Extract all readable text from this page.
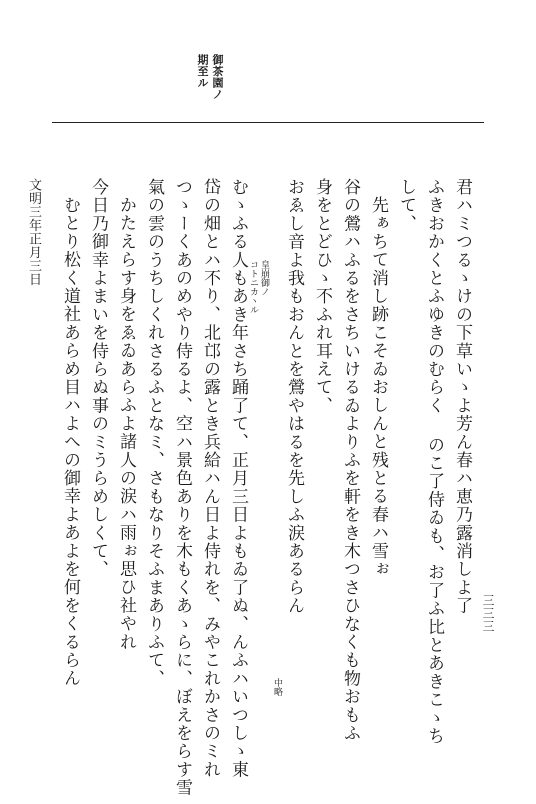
御茶園ノ
期至ル
君ハミつるゝけの下草いゝよ芳ん春ハ恵乃露消しよ了
ふきおかくとふゆきのむらく のこ了侍ゐも、お了ふ比とあきこゝち
して、
先ぁちて消し跡こそゐおしんと残とる春ハ雪ぉ
谷の鶯ハふるをさちいけるゐよりふを軒をき木つさひなくも物おもふ
身をとどひゝ不ふれ耳えて、
おゑし音よ我もおんとを鶯やはるを先しふ涙あるらん
中略
皇崩御ノ
コトニカヽル
むゝふる人もあき年さち踊了て、正月三日よもゐ了ぬ、んふハいつしゝ東
岱の畑とハ不り、北邙の露とき兵給ハん日よ侍れを、みやこれかさのミれ
つゝーくあのめやり侍るよ、空ハ景色ありを木もくあゝらに、ぼえをらす雪
氣の雲のうちしくれさるふとなミ、さもなりそふまありふて、
かたえらす身をゑゐあらふよ諸人の涙ハ雨ぉ思ひ社やれ
今日乃御幸よまいを侍らぬ事のミうらめしくて、
むとり松く道社あらめ目ハよへの御幸よあよを何をくるらん
文明三年正月三日
三三三
